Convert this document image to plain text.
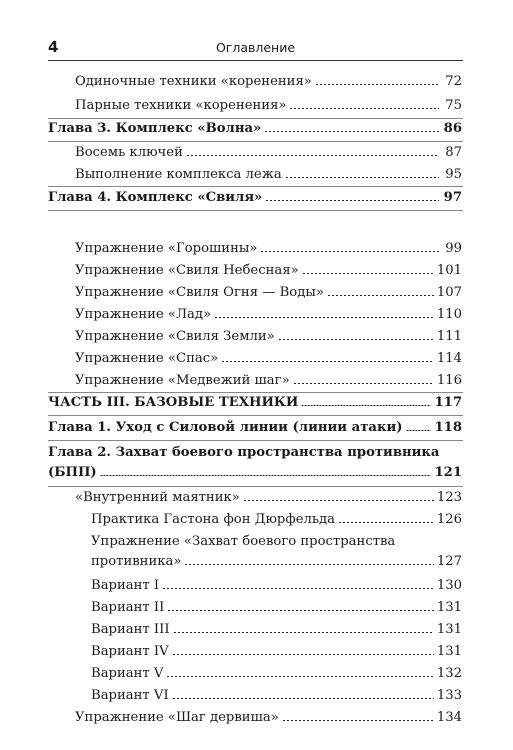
4	Оглавление
Одиночные техники «коренения»	72
Парные техники «коренения»	75
Глава 3. Комплекс «Волна»	86
Восемь ключей	87
Выполнение комплекса лежа	95
Глава 4. Комплекс «Свиля»	97
Упражнение «Горошины»	99
Упражнение «Свиля Небесная»	101
Упражнение «Свиля Огня — Воды»	107
Упражнение «Лад»	110
Упражнение «Свиля Земли»	111
Упражнение «Спас»	114
Упражнение «Медвежий шаг»	116
ЧАСТЬ III. БАЗОВЫЕ ТЕХНИКИ	117
Глава 1. Уход с Силовой линии (линии атаки) 118
Глава 2. Захват боевого пространства противника
(БПП)	121
«Внутренний маятник»	123
Практика Гастона фон Дюрфельда	126
Упражнение «Захват боевого пространства
противника»	127
Вариант I	130
Вариант II	131
Вариант III	131
Вариант IV	131
Вариант V	132
Вариант VI	133
Упражнение «Шаг дервиша»	134
